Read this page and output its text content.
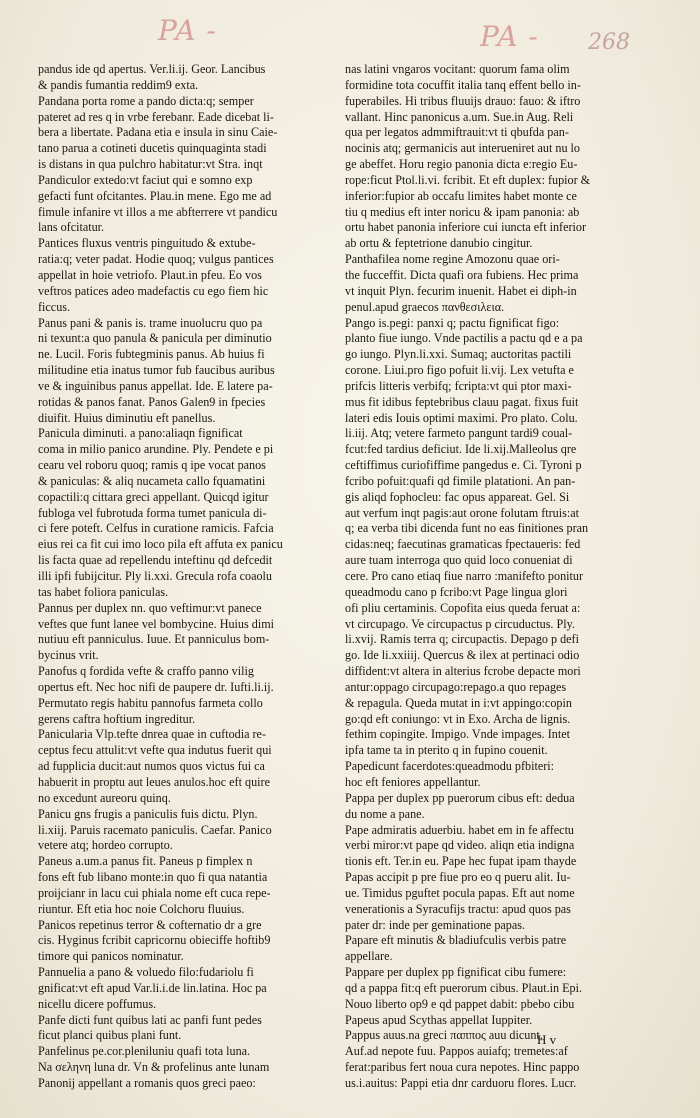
PA -	PA - 268
pandus ide qd apertus. Ver.li.ij. Geor. Lancibus
& pandis fumantia reddim9 exta.
Pandana porta rome a pando dicta:q; semper
pateret ad res q in vrbe ferebanr. Eade dicebat li-
bera a libertate. Padana etia e insula in sinu Caie-
tano parua a cotineti ducetis quinquaginta stadi
is distans in qua pulchro habitatur:vt Stra. inqt
Pandiculor extedo:vt faciut qui e somno exp
gefacti funt ofcitantes. Plau.in mene. Ego me ad
fimule infanire vt illos a me abfterrere vt pandicu
lans ofcitatur.
Pantices fluxus ventris pinguitudo & extube-
ratia:q; veter padat. Hodie quoq; vulgus pantices
appellat in hoie vetriofo. Plaut.in pfeu. Eo vos
veftros patices adeo madefactis cu ego fiem hic
ficcus.
Panus pani & panis is. trame inuolucru quo pa
ni texunt:a quo panula & panicula per diminutio
ne. Lucil. Foris fubtegminis panus. Ab huius fi
militudine etia inatus tumor fub faucibus auribus
ve & inguinibus panus appellat. Ide. E latere pa-
rotidas & panos fanat. Panos Galen9 in fpecies
diuifit. Huius diminutiu eft panellus.
Panicula diminuti. a pano:aliaqn fignificat
coma in milio panico arundine. Ply. Pendete e pi
cearu vel roboru quoq; ramis q ipe vocat panos
& paniculas: & aliq nucameta callo fquamatini
copactili:q cittara greci appellant. Quicqd igitur
fubloga vel fubrotuda forma tumet panicula di-
ci fere poteft. Celfus in curatione ramicis. Fafcia
eius rei ca fit cui imo loco pila eft affuta ex panicu
lis facta quae ad repellendu inteftinu qd defcedit
illi ipfi fubijcitur. Ply li.xxi. Grecula rofa coaolu
tas habet foliora paniculas.
Pannus per duplex nn. quo veftimur:vt panece
veftes que funt lanee vel bombycine. Huius dimi
nutiuu eft panniculus. Iuue. Et panniculus bom-
bycinus vrit.
Panofus q fordida vefte & craffo panno vilig
opertus eft. Nec hoc nifi de paupere dr. Iufti.li.ij.
Permutato regis habitu pannofus farmeta collo
gerens caftra hoftium ingreditur.
Panicularia Vlp.tefte dnrea quae in cuftodia re-
ceptus fecu attulit:vt vefte qua indutus fuerit qui
ad fupplicia ducit:aut numos quos victus fui ca
habuerit in proptu aut leues anulos.hoc eft quire
no excedunt aureoru quinq.
Panicu gns frugis a paniculis fuis dictu. Plyn.
li.xiij. Paruis racemato paniculis. Caefar. Panico
vetere atq; hordeo corrupto.
Paneus a.um.a panus fit. Paneus p fimplex n
fons eft fub libano monte:in quo fi qua natantia
proijcianr in lacu cui phiala nome eft cuca repe-
riuntur. Eft etia hoc noie Colchoru fluuius.
Panicos repetinus terror & cofternatio dr a gre
cis. Hyginus fcribit capricornu obieciffe hoftib9
timore qui panicos nominatur.
Pannuelia a pano & voluedo filo:fudariolu fi
gnificat:vt eft apud Var.li.i.de lin.latina. Hoc pa
nicellu dicere poffumus.
Panfe dicti funt quibus lati ac panfi funt pedes
ficut planci quibus plani funt.
Panfelinus pe.cor.pleniluniu quafi tota luna.
Na σεληνη luna dr. Vn & profelinus ante lunam
Panonij appellant a romanis quos greci paeo:
nas latini vngaros vocitant: quorum fama olim
formidine tota cocuffit italia tanq effent bello in-
fuperabiles. Hi tribus fluuijs drauo: fauo: & iftro
vallant. Hinc panonicus a.um. Sue.in Aug. Reli
qua per legatos admmiftrauit:vt ti qbufda pan-
nocinis atq; germanicis aut interueniret aut nu lo
ge abeffet. Horu regio panonia dicta e:regio Eu-
rope:ficut Ptol.li.vi. fcribit. Et eft duplex: fupior &
inferior:fupior ab occafu limites habet monte ce
tiu q medius eft inter noricu & ipam panonia: ab
ortu habet panonia inferiore cui iuncta eft inferior
ab ortu & feptetrione danubio cingitur.
Panthafilea nome regine Amozonu quae ori-
the fucceffit. Dicta quafi ora fubiens. Hec prima
vt inquit Plyn. fecurim inuenit. Habet ei diph-in
penul.apud graecos πανθεσιλεια.
Pango is.pegi: panxi q; pactu fignificat figo:
planto fiue iungo. Vnde pactilis a pactu qd e a pa
go iungo. Plyn.li.xxi. Sumaq; auctoritas pactili
corone. Liui.pro figo pofuit li.vij. Lex vetufta e
prifcis litteris verbifq; fcripta:vt qui ptor maxi-
mus fit idibus feptebribus clauu pagat. fixus fuit
lateri edis Iouis optimi maximi. Pro plato. Colu.
li.iij. Atq; vetere farmeto pangunt tardi9 coual-
fcut:fed tardius deficiut. Ide li.xij.Malleolus qre
ceftiffimus curiofiffime pangedus e. Ci. Tyroni p
fcribo pofuit:quafi qd fimile platationi. An pan-
gis aliqd fophocleu: fac opus appareat. Gel. Si
aut verfum inqt pagis:aut orone folutam ftruis:at
q; ea verba tibi dicenda funt no eas finitiones pran
cidas:neq; faecutinas gramaticas fpectaueris: fed
aure tuam interroga quo quid loco conueniat di
cere. Pro cano etiaq fiue narro :manifefto ponitur
queadmodu cano p fcribo:vt Page lingua glori
ofi pliu certaminis. Copofita eius queda feruat a:
vt circupago. Ve circupactus p circuductus. Ply.
li.xvij. Ramis terra q; circupactis. Depago p defi
go. Ide li.xxiiij. Quercus & ilex at pertinaci odio
diffident:vt altera in alterius fcrobe depacte mori
antur:oppago circupago:repago.a quo repages
& repagula. Queda mutat in i:vt appingo:copin
go:qd eft coniungo: vt in Exo. Archa de lignis.
fethim copingite. Impigo. Vnde impages. Intet
ipfa tame ta in pterito q in fupino couenit.
Papedicunt facerdotes:queadmodu pfbiteri:
hoc eft feniores appellantur.
Pappa per duplex pp puerorum cibus eft: dedua
du nome a pane.
Pape admiratis aduerbiu. habet em in fe affectu
verbi miror:vt pape qd video. aliqn etia indigna
tionis eft. Ter.in eu. Pape hec fupat ipam thayde
Papas accipit p pre fiue pro eo q pueru alit. Iu-
ue. Timidus pguftet pocula papas. Eft aut nome
venerationis a Syracufijs tractu: apud quos pas
pater dr: inde per geminatione papas.
Papare eft minutis & bladiufculis verbis patre
appellare.
Pappare per duplex pp fignificat cibu fumere:
qd a pappa fit:q eft puerorum cibus. Plaut.in Epi.
Nouo liberto op9 e qd pappet dabit: pbebo cibu
Papeus apud Scythas appellat Iuppiter.
Pappus auus.na greci παππος auu dicunt.
Auf.ad nepote fuu. Pappos auiafq; tremetes:af
ferat:paribus fert noua cura nepotes. Hinc pappo
us.i.auitus: Pappi etia dnr carduoru flores. Lucr.
H v
